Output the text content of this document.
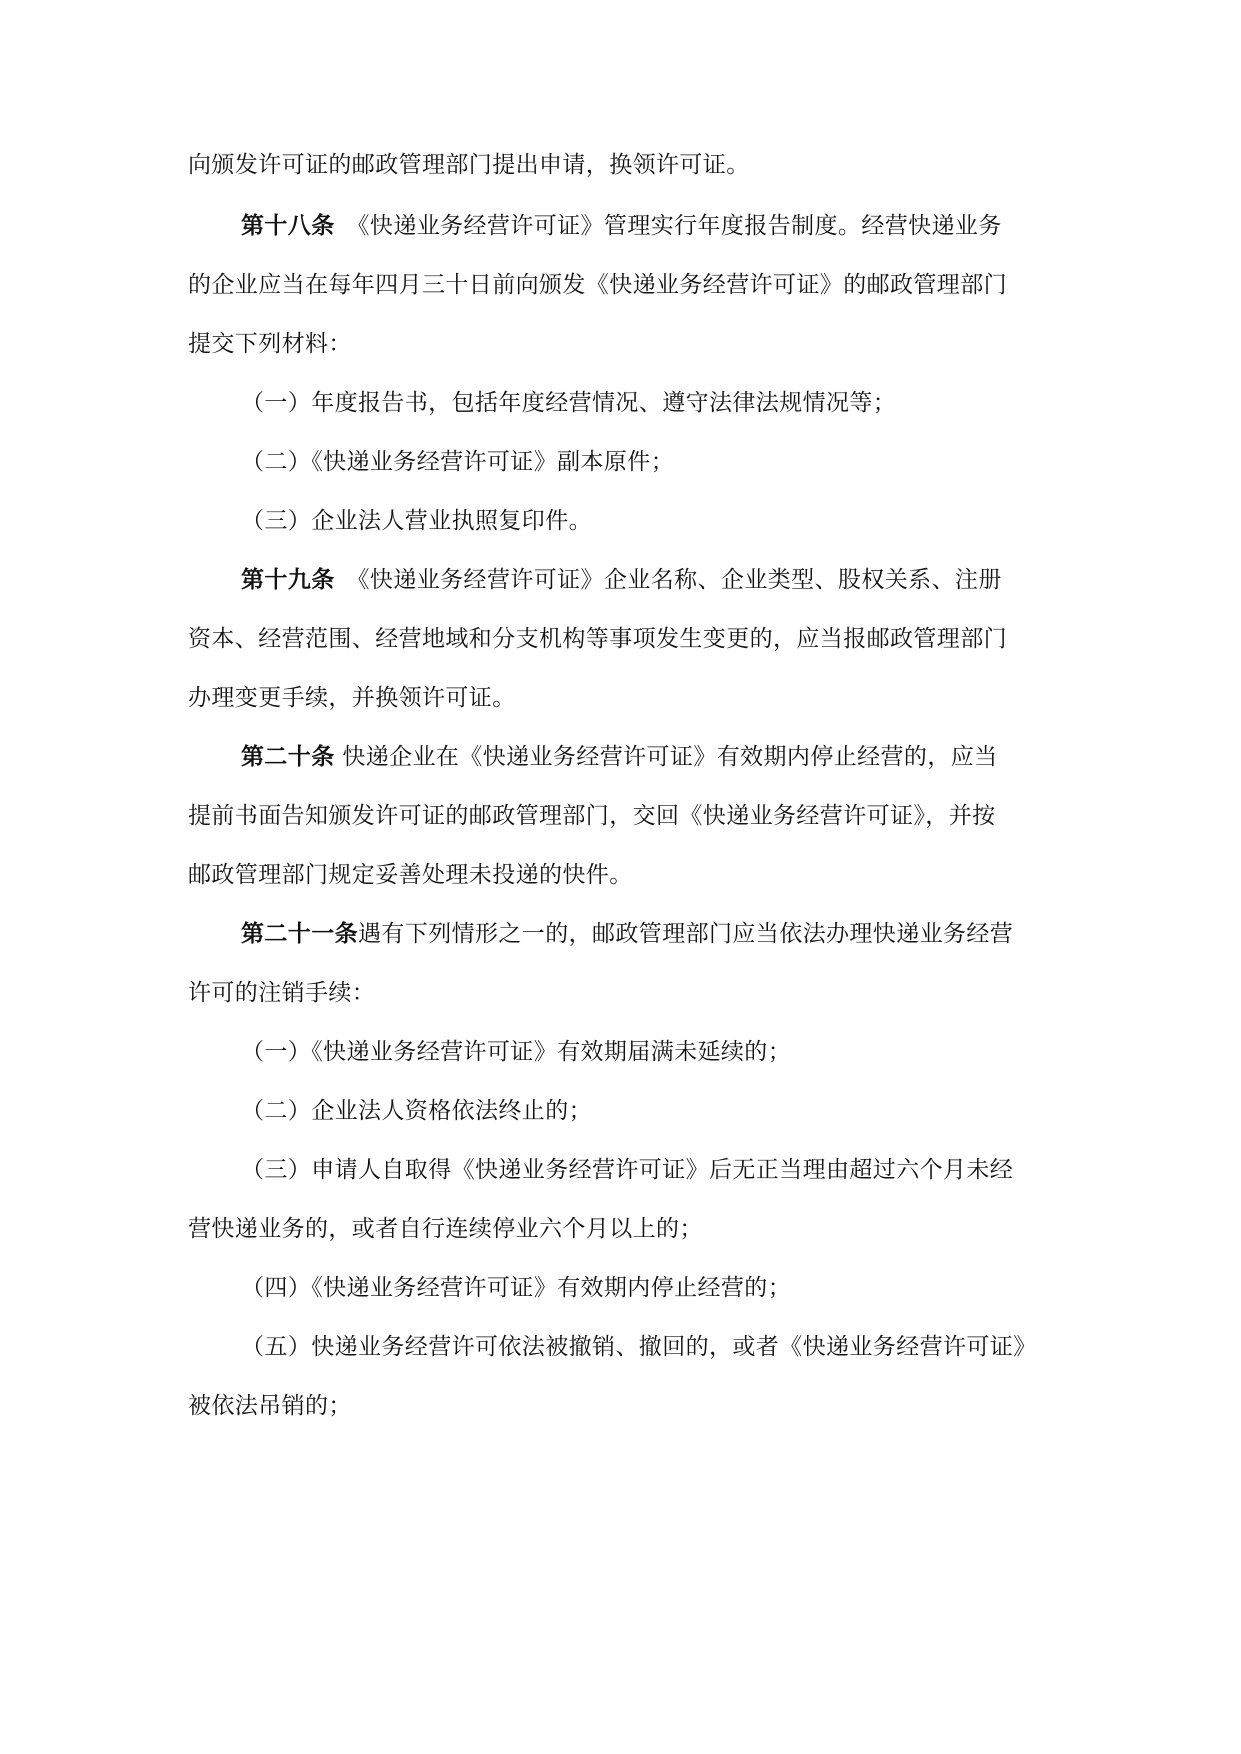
向颁发许可证的邮政管理部门提出申请，换领许可证。
第十八条　 《快递业务经营许可证》管理实行年度报告制度。经营快递业务
的企业应当在每年四月三十日前向颁发《快递业务经营许可证》的邮政管理部门
提交下列材料：
（一）年度报告书，包括年度经营情况、遵守法律法规情况等；
（二）《快递业务经营许可证》副本原件；
（三）企业法人营业执照复印件。
第十九条　 《快递业务经营许可证》企业名称、企业类型、股权关系、注册
资本、经营范围、经营地域和分支机构等事项发生变更的，应当报邮政管理部门
办理变更手续，并换领许可证。
第二十条 快递企业在《快递业务经营许可证》有效期内停止经营的，应当
提前书面告知颁发许可证的邮政管理部门，交回《快递业务经营许可证》，并按
邮政管理部门规定妥善处理未投递的快件。
第二十一条遇有下列情形之一的，邮政管理部门应当依法办理快递业务经营
许可的注销手续：
（一）《快递业务经营许可证》有效期届满未延续的；
（二）企业法人资格依法终止的；
（三）申请人自取得《快递业务经营许可证》后无正当理由超过六个月未经
营快递业务的，或者自行连续停业六个月以上的；
（四）《快递业务经营许可证》有效期内停止经营的；
（五）快递业务经营许可依法被撤销、撤回的，或者《快递业务经营许可证》
被依法吊销的；
